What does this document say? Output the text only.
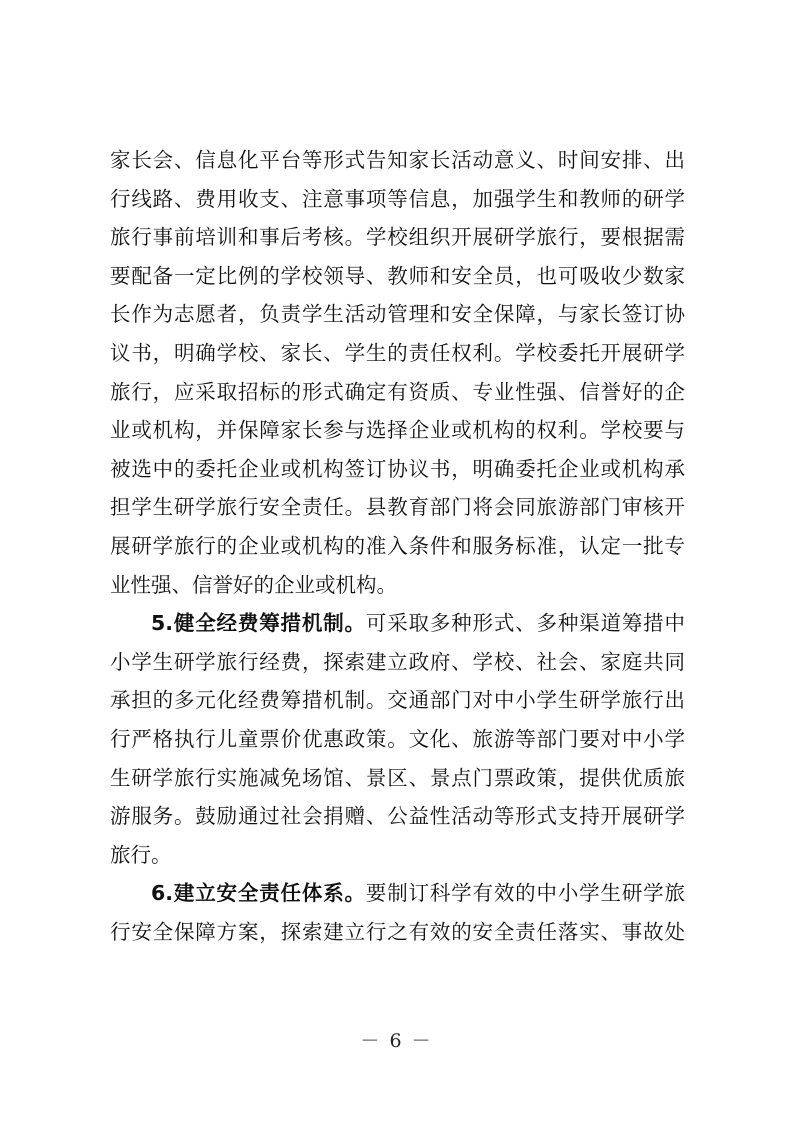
家长会、信息化平台等形式告知家长活动意义、时间安排、出
行线路、费用收支、注意事项等信息，加强学生和教师的研学
旅行事前培训和事后考核。学校组织开展研学旅行，要根据需
要配备一定比例的学校领导、教师和安全员，也可吸收少数家
长作为志愿者，负责学生活动管理和安全保障，与家长签订协
议书，明确学校、家长、学生的责任权利。学校委托开展研学
旅行，应采取招标的形式确定有资质、专业性强、信誉好的企
业或机构，并保障家长参与选择企业或机构的权利。学校要与
被选中的委托企业或机构签订协议书，明确委托企业或机构承
担学生研学旅行安全责任。县教育部门将会同旅游部门审核开
展研学旅行的企业或机构的准入条件和服务标准，认定一批专
业性强、信誉好的企业或机构。
5.健全经费筹措机制。可采取多种形式、多种渠道筹措中
小学生研学旅行经费，探索建立政府、学校、社会、家庭共同
承担的多元化经费筹措机制。交通部门对中小学生研学旅行出
行严格执行儿童票价优惠政策。文化、旅游等部门要对中小学
生研学旅行实施减免场馆、景区、景点门票政策，提供优质旅
游服务。鼓励通过社会捐赠、公益性活动等形式支持开展研学
旅行。
6.建立安全责任体系。要制订科学有效的中小学生研学旅
行安全保障方案，探索建立行之有效的安全责任落实、事故处
－ 6 －
